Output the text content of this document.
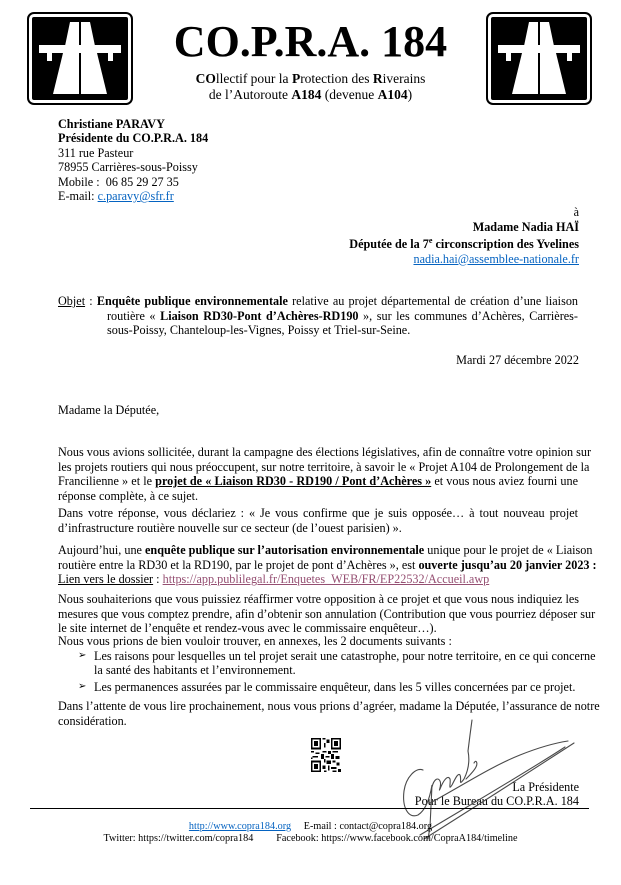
CO.P.R.A. 184
COllectif pour la Protection des Riverains
de l’Autoroute A184 (devenue A104)
Christiane PARAVY
Présidente du CO.P.R.A. 184
311 rue Pasteur
78955 Carrières-sous-Poissy
Mobile : 06 85 29 27 35
E-mail: c.paravy@sfr.fr
à
Madame Nadia HAÏ
Députée de la 7e circonscription des Yvelines
nadia.hai@assemblee-nationale.fr
Objet : Enquête publique environnementale relative au projet départemental de création d’une liaison
routière « Liaison RD30-Pont d’Achères-RD190 », sur les communes d’Achères, Carrières-
sous-Poissy, Chanteloup-les-Vignes, Poissy et Triel-sur-Seine.
Mardi 27 décembre 2022
Madame la Députée,
Nous vous avions sollicitée, durant la campagne des élections législatives, afin de connaître votre opinion sur
les projets routiers qui nous préoccupent, sur notre territoire, à savoir le « Projet A104 de Prolongement de la
Francilienne » et le projet de « Liaison RD30 - RD190 / Pont d’Achères » et vous nous aviez fourni une
réponse complète, à ce sujet.
Dans votre réponse, vous déclariez : « Je vous confirme que je suis opposée… à tout nouveau projet
d’infrastructure routière nouvelle sur ce secteur (de l’ouest parisien) ».
Aujourd’hui, une enquête publique sur l’autorisation environnementale unique pour le projet de « Liaison
routière entre la RD30 et la RD190, par le projet de pont d’Achères », est ouverte jusqu’au 20 janvier 2023 :
Lien vers le dossier : https://app.publilegal.fr/Enquetes_WEB/FR/EP22532/Accueil.awp
Nous souhaiterions que vous puissiez réaffirmer votre opposition à ce projet et que vous nous indiquiez les
mesures que vous comptez prendre, afin d’obtenir son annulation (Contribution que vous pourriez déposer sur
le site internet de l’enquête et rendez-vous avec le commissaire enquêteur…).
Nous vous prions de bien vouloir trouver, en annexes, les 2 documents suivants :
➢ Les raisons pour lesquelles un tel projet serait une catastrophe, pour notre territoire, en ce qui concerne
la santé des habitants et l’environnement.
➢ Les permanences assurées par le commissaire enquêteur, dans les 5 villes concernées par ce projet.
Dans l’attente de vous lire prochainement, nous vous prions d’agréer, madame la Députée, l’assurance de notre
considération.
La Présidente
Pour le Bureau du CO.P.R.A. 184
http://www.copra184.org E-mail : contact@copra184.org
Twitter: https://twitter.com/copra184 Facebook: https://www.facebook.com/CopraA184/timeline
